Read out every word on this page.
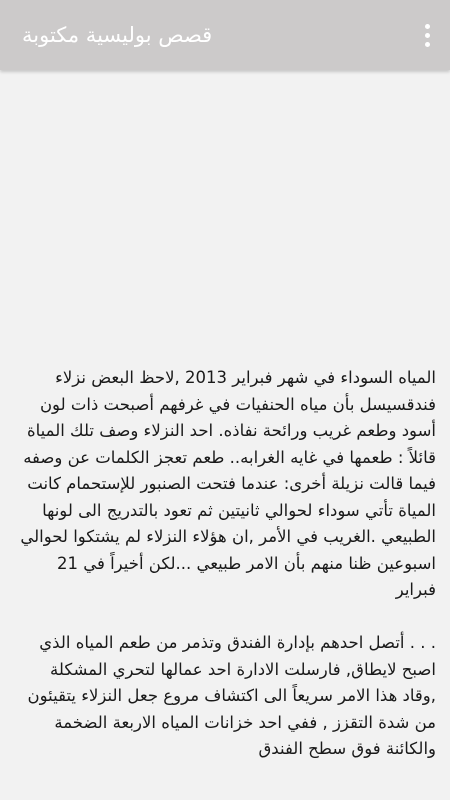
قصص بوليسية مكتوبة

المياه السوداء في شهر فبراير 2013 ,لاحظ البعض نزلاء فندقسيسل بأن مياه الحنفيات في غرفهم أصبحت ذات لون أسود وطعم غريب ورائحة نفاذه. احد النزلاء وصف تلك المياة قائلاً : طعمها في غايه الغرابه.. طعم تعجز الكلمات عن وصفه

فيما قالت نزيلة أخرى: عندما فتحت الصنبور للإستحمام كانت المياة تأتي سوداء لحوالي ثانيتين ثم تعود بالتدريج الى لونها الطبيعي .الغريب في الأمر ,ان هؤلاء النزلاء لم يشتكوا لحوالي اسبوعين ظنا منهم بأن الامر طبيعي ...لكن أخيراً في 21 فبراير

. . . أتصل احدهم بإدارة الفندق وتذمر من طعم المياه الذي اصبح لايطاق, فارسلت الادارة احد عمالها لتحري المشكلة ,وقاد هذا الامر سريعاً الى اكتشاف مروع جعل النزلاء يتقيئون من شدة التقزز , ففي احد خزانات المياه الاربعة الضخمة والكائنة فوق سطح الفندق
